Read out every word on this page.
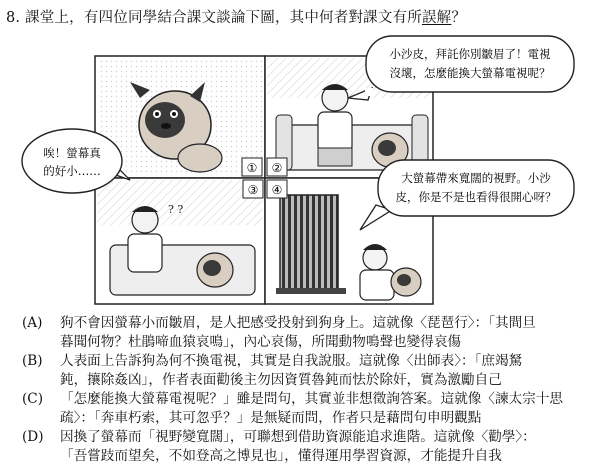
8. 課堂上，有四位同學結合課文談論下圖，其中何者對課文有所誤解？
① ②
? ?
③ ④
小沙皮，拜託你別皺眉了！電視
沒壞，怎麼能換大螢幕電視呢？
唉！螢幕真
的好小……	大螢幕帶來寬闊的視野。小沙
皮，你是不是也看得很開心呀？
(A) 狗不會因螢幕小而皺眉，是人把感受投射到狗身上。這就像〈琵琶行〉：「其間旦
暮聞何物？杜鵑啼血猿哀鳴」，內心哀傷，所聞動物鳴聲也變得哀傷
(B) 人表面上告訴狗為何不換電視，其實是自我說服。這就像〈出師表〉：「庶竭駑
鈍，攘除姦凶」，作者表面勸後主勿因資質魯鈍而怯於除奸，實為激勵自己
(C) 「怎麼能換大螢幕電視呢？」雖是問句，其實並非想徵詢答案。這就像〈諫太宗十思
疏〉：「奔車朽索，其可忽乎？」是無疑而問，作者只是藉問句申明觀點
(D) 因換了螢幕而「視野變寬闊」，可聯想到借助資源能追求進階。這就像〈勸學〉：
「吾嘗跂而望矣，不如登高之博見也」，懂得運用學習資源，才能提升自我
